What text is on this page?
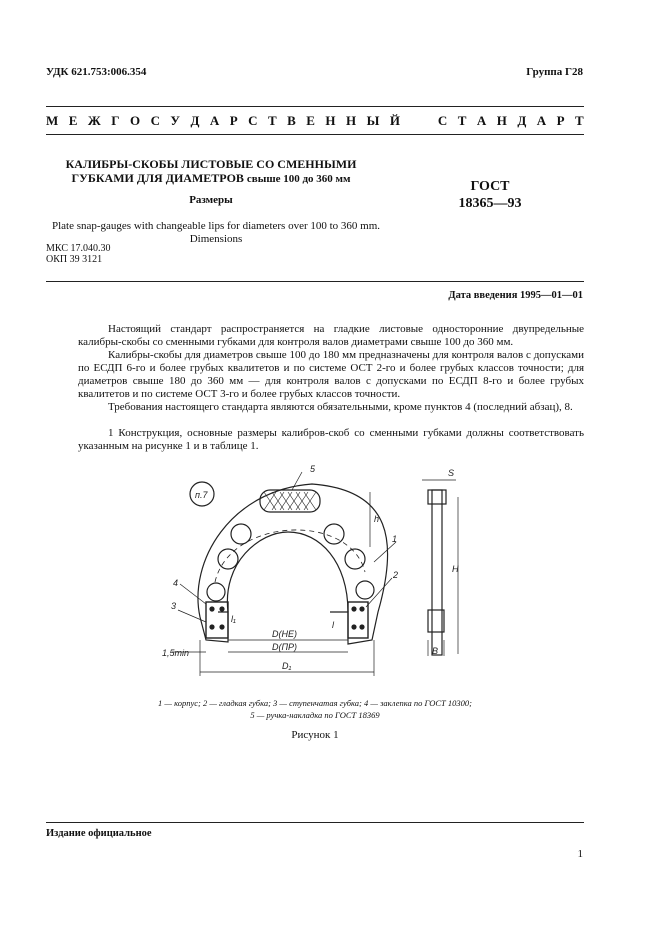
УДК 621.753:006.354	Группа Г28
М Е Ж Г О С У Д А Р С Т В Е Н Н Ы Й

	С Т А Н Д А Р Т
КАЛИБРЫ-СКОБЫ ЛИСТОВЫЕ СО СМЕННЫМИ
ГУБКАМИ ДЛЯ ДИАМЕТРОВ свыше 100 до 360 мм
Размеры
ГОСТ
18365—93
Plate snap-gauges with changeable lips for diameters over 100 to 360 mm.
Dimensions
МКС 17.040.30
ОКП 39 3121
Дата введения 1995—01—01

Настоящий стандарт распространяется на гладкие листовые односторонние двупредельные калибры-скобы со сменными губками для контроля валов диаметрами свыше 100 до 360 мм.

Калибры-скобы для диаметров свыше 100 до 180 мм предназначены для контроля валов с допусками по ЕСДП 6-го и более грубых квалитетов и по системе ОСТ 2-го и более грубых классов точности; для диаметров свыше 180 до 360 мм — для контроля валов с допусками по ЕСДП 8-го и более грубых квалитетов и по системе ОСТ 3-го и более грубых классов точности.

Требования настоящего стандарта являются обязательными, кроме пунктов 4 (последний абзац), 8.

1 Конструкция, основные размеры калибров-скоб со сменными губками должны соответствовать указанным на рисунке 1 и в таблице 1.

п.7
5
1
2
3
4
h
l
l₁
D(НЕ)
D(ПР)
D₁
S
H
B
1,5min
1 — корпус; 2 — гладкая губка; 3 — ступенчатая губка; 4 — заклепка по ГОСТ 10300;
5 — ручка-накладка по ГОСТ 18369
Рисунок 1
Издание официальное
1
